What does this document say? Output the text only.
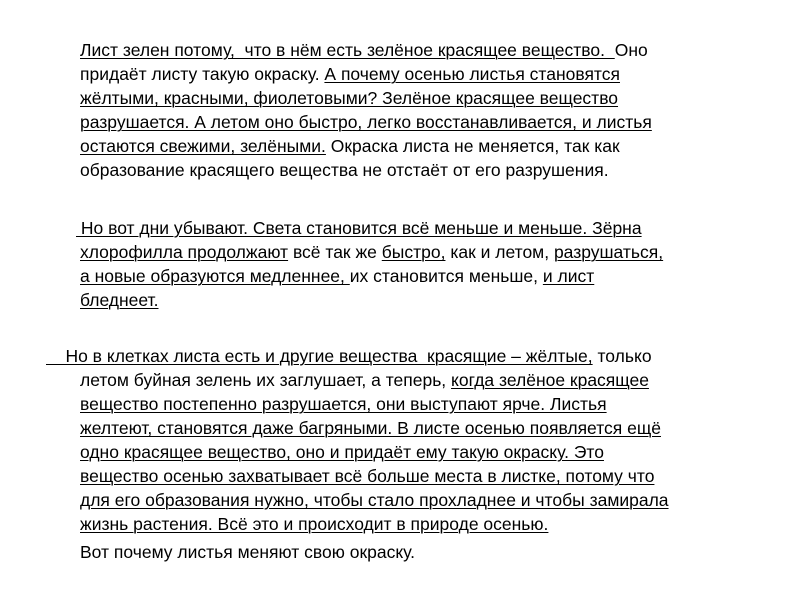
Лист зелен потому,  что в нём есть зелёное красящее вещество.  Оно
придаёт листу такую окраску. А почему осенью листья становятся
жёлтыми, красными, фиолетовыми? Зелёное красящее вещество
разрушается. А летом оно быстро, легко восстанавливается, и листья
остаются свежими, зелёными. Окраска листа не меняется, так как
образование красящего вещества не отстаёт от его разрушения.
Но вот дни убывают. Света становится всё меньше и меньше. Зёрна
хлорофилла продолжают всё так же быстро, как и летом, разрушаться,
а новые образуются медленнее, их становится меньше, и лист
бледнеет.
Но в клетках листа есть и другие вещества  красящие – жёлтые, только
летом буйная зелень их заглушает, а теперь, когда зелёное красящее
вещество постепенно разрушается, они выступают ярче. Листья
желтеют, становятся даже багряными. В листе осенью появляется ещё
одно красящее вещество, оно и придаёт ему такую окраску. Это
вещество осенью захватывает всё больше места в листке, потому что
для его образования нужно, чтобы стало прохладнее и чтобы замирала
жизнь растения. Всё это и происходит в природе осенью.
Вот почему листья меняют свою окраску.
